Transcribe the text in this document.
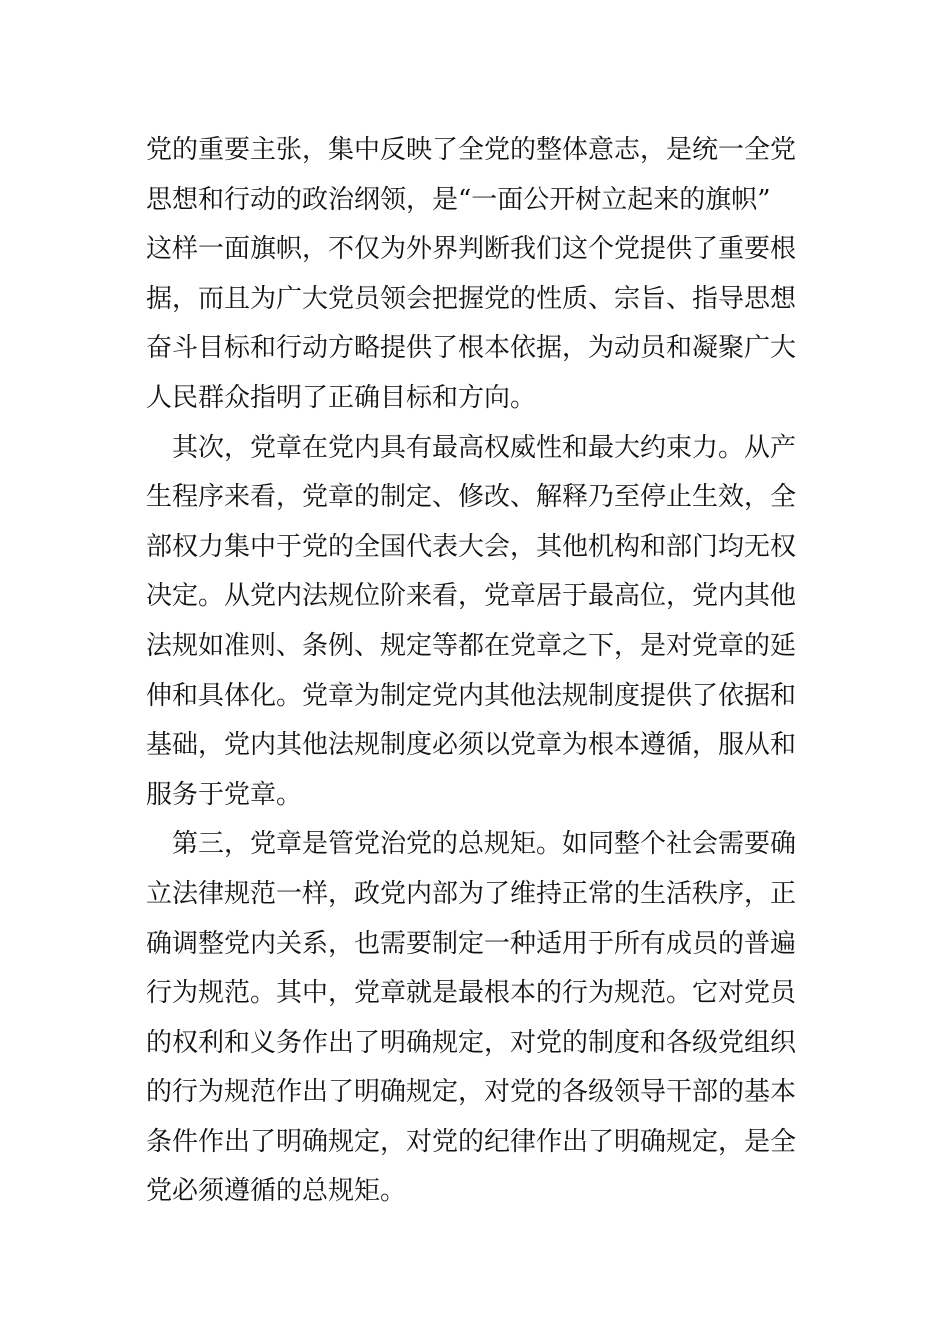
党的重要主张，集中反映了全党的整体意志，是统一全党
思想和行动的政治纲领，是“一面公开树立起来的旗帜”
这样一面旗帜，不仅为外界判断我们这个党提供了重要根
据，而且为广大党员领会把握党的性质、宗旨、指导思想
奋斗目标和行动方略提供了根本依据，为动员和凝聚广大
人民群众指明了正确目标和方向。
　其次，党章在党内具有最高权威性和最大约束力。从产
生程序来看，党章的制定、修改、解释乃至停止生效，全
部权力集中于党的全国代表大会，其他机构和部门均无权
决定。从党内法规位阶来看，党章居于最高位，党内其他
法规如准则、条例、规定等都在党章之下，是对党章的延
伸和具体化。党章为制定党内其他法规制度提供了依据和
基础，党内其他法规制度必须以党章为根本遵循，服从和
服务于党章。
　第三，党章是管党治党的总规矩。如同整个社会需要确
立法律规范一样，政党内部为了维持正常的生活秩序，正
确调整党内关系，也需要制定一种适用于所有成员的普遍
行为规范。其中，党章就是最根本的行为规范。它对党员
的权利和义务作出了明确规定，对党的制度和各级党组织
的行为规范作出了明确规定，对党的各级领导干部的基本
条件作出了明确规定，对党的纪律作出了明确规定，是全
党必须遵循的总规矩。
